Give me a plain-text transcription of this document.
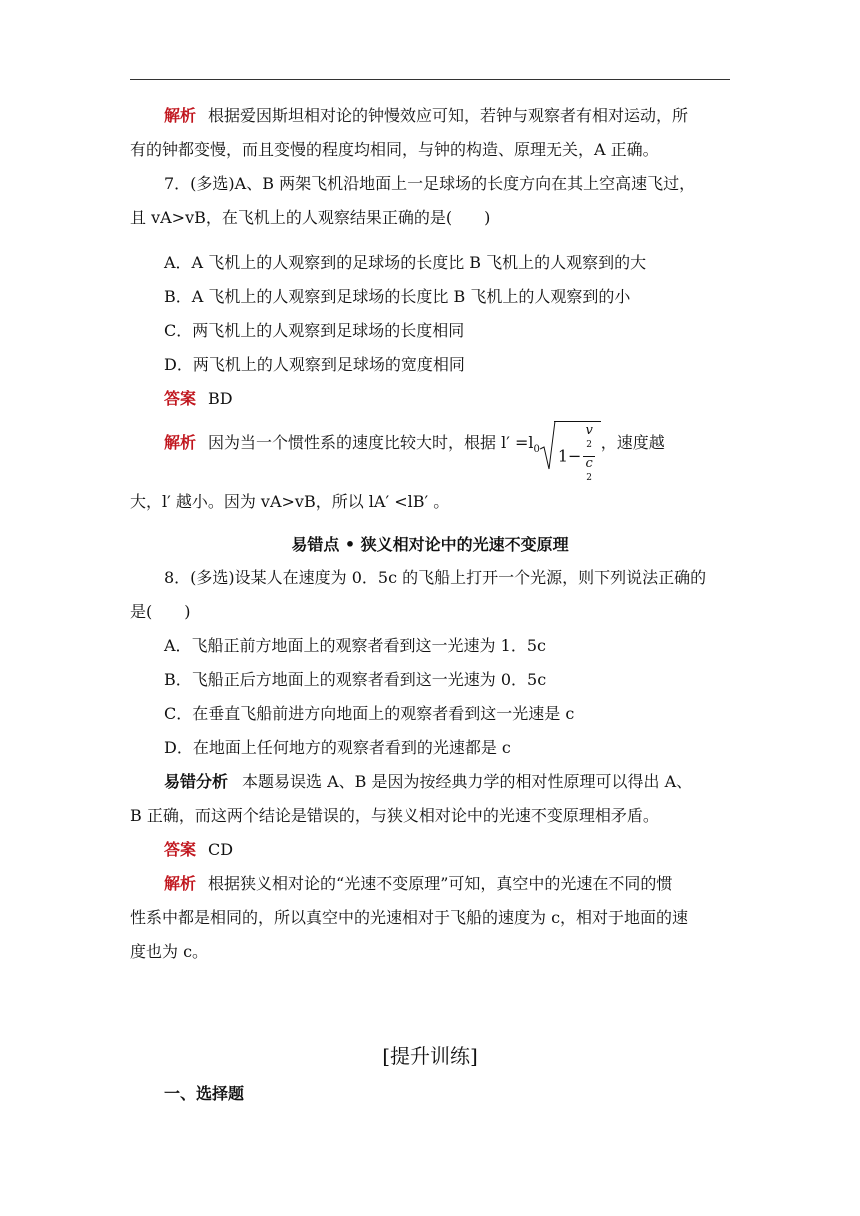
解析 根据爱因斯坦相对论的钟慢效应可知，若钟与观察者有相对运动，所
有的钟都变慢，而且变慢的程度均相同，与钟的构造、原理无关，A 正确。
7．(多选)A、B 两架飞机沿地面上一足球场的长度方向在其上空高速飞过，
且 vA>vB，在飞机上的人观察结果正确的是(　　)
A．A 飞机上的人观察到的足球场的长度比 B 飞机上的人观察到的大
B．A 飞机上的人观察到足球场的长度比 B 飞机上的人观察到的小
C．两飞机上的人观察到足球场的长度相同
D．两飞机上的人观察到足球场的宽度相同
答案 BD
解析 因为当一个惯性系的速度比较大时，根据 $l' =l_0$ 1− v
$^2$
c
$^2$ ，速度越
大，l′ 越小。因为 vA>vB，所以 lA′ <lB′ 。
易错点 • 狭义相对论中的光速不变原理
8．(多选)设某人在速度为 0．5c 的飞船上打开一个光源，则下列说法正确的
是(　　)
A．飞船正前方地面上的观察者看到这一光速为 1．5c
B．飞船正后方地面上的观察者看到这一光速为 0．5c
C．在垂直飞船前进方向地面上的观察者看到这一光速是 c
D．在地面上任何地方的观察者看到的光速都是 c
易错分析 本题易误选 A、B 是因为按经典力学的相对性原理可以得出 A、
B 正确，而这两个结论是错误的，与狭义相对论中的光速不变原理相矛盾。
答案 CD
解析 根据狭义相对论的“光速不变原理”可知，真空中的光速在不同的惯
性系中都是相同的，所以真空中的光速相对于飞船的速度为 c，相对于地面的速
度也为 c。
[提升训练]
一、选择题
